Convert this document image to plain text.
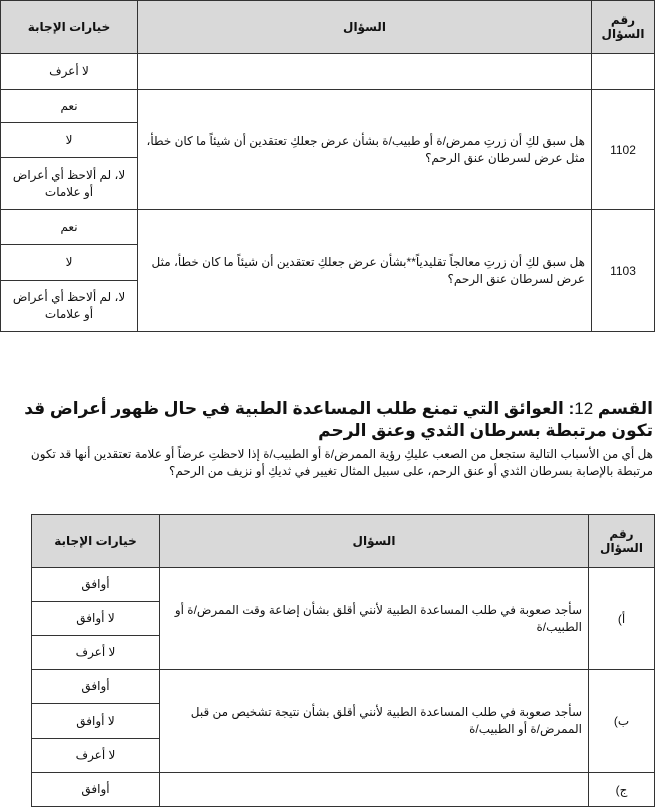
رقم السؤال	السؤال	خيارات الإجابة
		لا أعرف
1102	هل سبق لكِ أن زرتِ ممرض/ة أو طبيب/ة بشأن عرض جعلكِ تعتقدين أن شيئاً ما كان خطأ، مثل عرض لسرطان عنق الرحم؟	نعم
		لا
		لا، لم ألاحظ أي أعراض أو علامات
1103	هل سبق لكِ أن زرتِ معالجاً تقليدياً**بشأن عرض جعلكِ تعتقدين أن شيئاً ما كان خطأ، مثل عرض لسرطان عنق الرحم؟	نعم
		لا
		لا، لم ألاحظ أي أعراض أو علامات
القسم 12: العوائق التي تمنع طلب المساعدة الطبية في حال ظهور أعراض قد تكون مرتبطة بسرطان الثدي وعنق الرحم

هل أي من الأسباب التالية ستجعل من الصعب عليكِ رؤية الممرض/ة أو الطبيب/ة إذا لاحظتِ عرضاً أو علامة تعتقدين أنها قد تكون مرتبطة بالإصابة بسرطان الثدي أو عنق الرحم، على سبيل المثال تغيير في ثديكِ أو نزيف من الرحم؟

رقم السؤال	السؤال	خيارات الإجابة
أ)	سأجد صعوبة في طلب المساعدة الطبية لأنني أقلق بشأن إضاعة وقت الممرض/ة أو الطبيب/ة	أوافق
		لا أوافق
		لا أعرف
ب)	سأجد صعوبة في طلب المساعدة الطبية لأنني أقلق بشأن نتيجة تشخيص من قبل الممرض/ة أو الطبيب/ة	أوافق
		لا أوافق
		لا أعرف
ج)		أوافق
